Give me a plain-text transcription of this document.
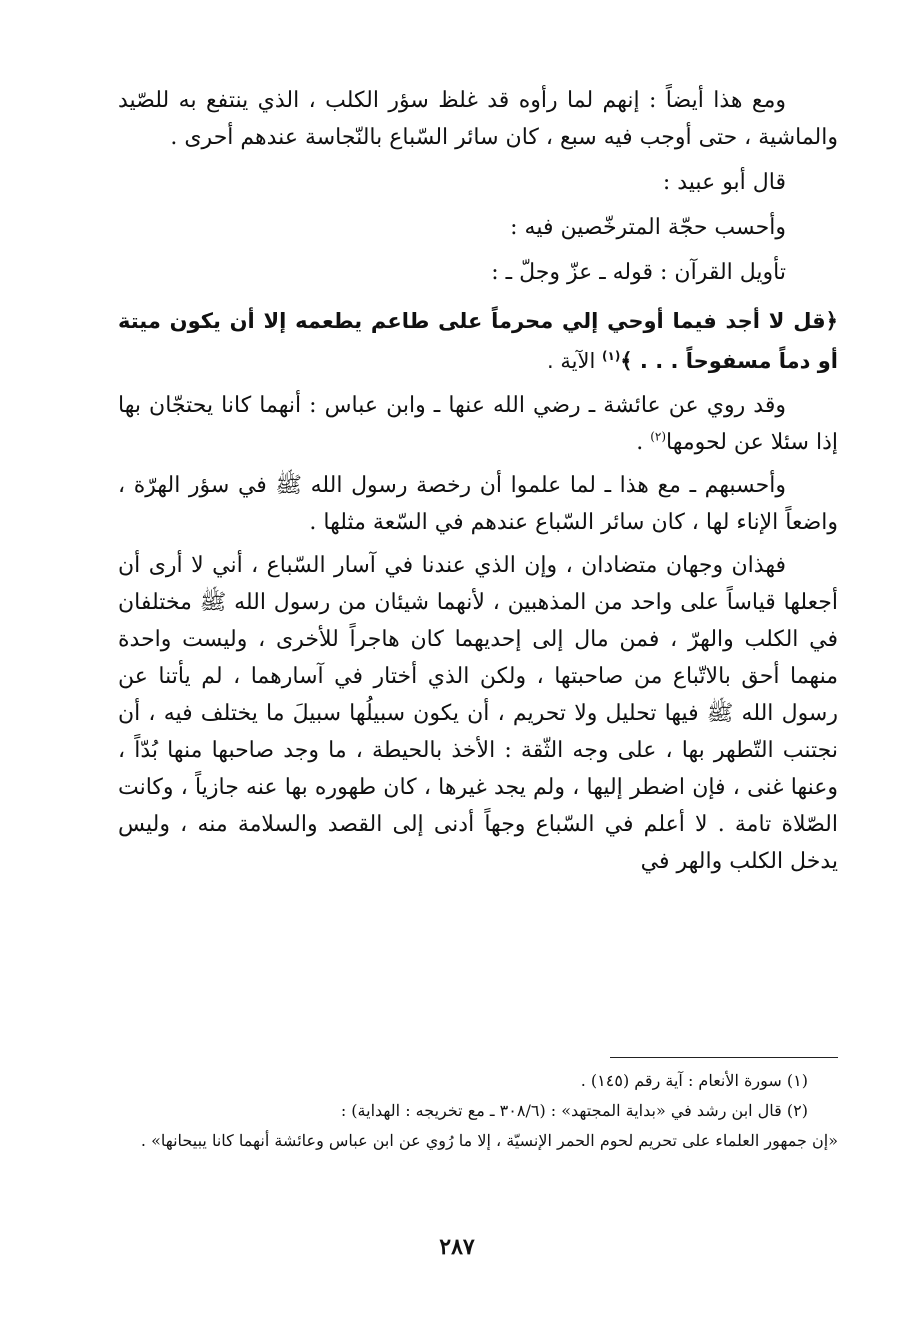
ومع هذا أيضاً : إنهم لما رأوه قد غلظ سؤر الكلب ، الذي ينتفع به للصّيد والماشية ، حتى أوجب فيه سبع ، كان سائر السّباع بالنّجاسة عندهم أحرى .

قال أبو عبيد :

وأحسب حجّة المترخّصين فيه :

تأويل القرآن : قوله ـ عزّ وجلّ ـ :

﴿قل لا أجد فيما أوحي إلي محرماً على طاعم يطعمه إلا أن يكون ميتة أو دماً مسفوحاً . . . ﴾$^{(١)}$ الآية .

وقد روي عن عائشة ـ رضي الله عنها ـ وابن عباس : أنهما كانا يحتجّان بها إذا سئلا عن لحومها$^{(٢)}$ .

وأحسبهم ـ مع هذا ـ لما علموا أن رخصة رسول الله ﷺ في سؤر الهرّة ، واضعاً الإناء لها ، كان سائر السّباع عندهم في السّعة مثلها .

فهذان وجهان متضادان ، وإن الذي عندنا في آسار السّباع ، أني لا أرى أن أجعلها قياساً على واحد من المذهبين ، لأنهما شيئان من رسول الله ﷺ مختلفان في الكلب والهرّ ، فمن مال إلى إحديهما كان هاجراً للأخرى ، وليست واحدة منهما أحق بالاتّباع من صاحبتها ، ولكن الذي أختار في آسارهما ، لم يأتنا عن رسول الله ﷺ فيها تحليل ولا تحريم ، أن يكون سبيلُها سبيلَ ما يختلف فيه ، أن نجتنب التّطهر بها ، على وجه الثّقة : الأخذ بالحيطة ، ما وجد صاحبها منها بُدّاً ، وعنها غنى ، فإن اضطر إليها ، ولم يجد غيرها ، كان طهوره بها عنه جازياً ، وكانت الصّلاة تامة . لا أعلم في السّباع وجهاً أدنى إلى القصد والسلامة منه ، وليس يدخل الكلب والهر في

(١) سورة الأنعام : آية رقم (١٤٥) .

(٢) قال ابن رشد في «بداية المجتهد» : (٣٠٨/٦ ـ مع تخريجه : الهداية) :

«إن جمهور العلماء على تحريم لحوم الحمر الإنسيّة ، إلا ما رُوي عن ابن عباس وعائشة أنهما كانا يبيحانها» .

٢٨٧
